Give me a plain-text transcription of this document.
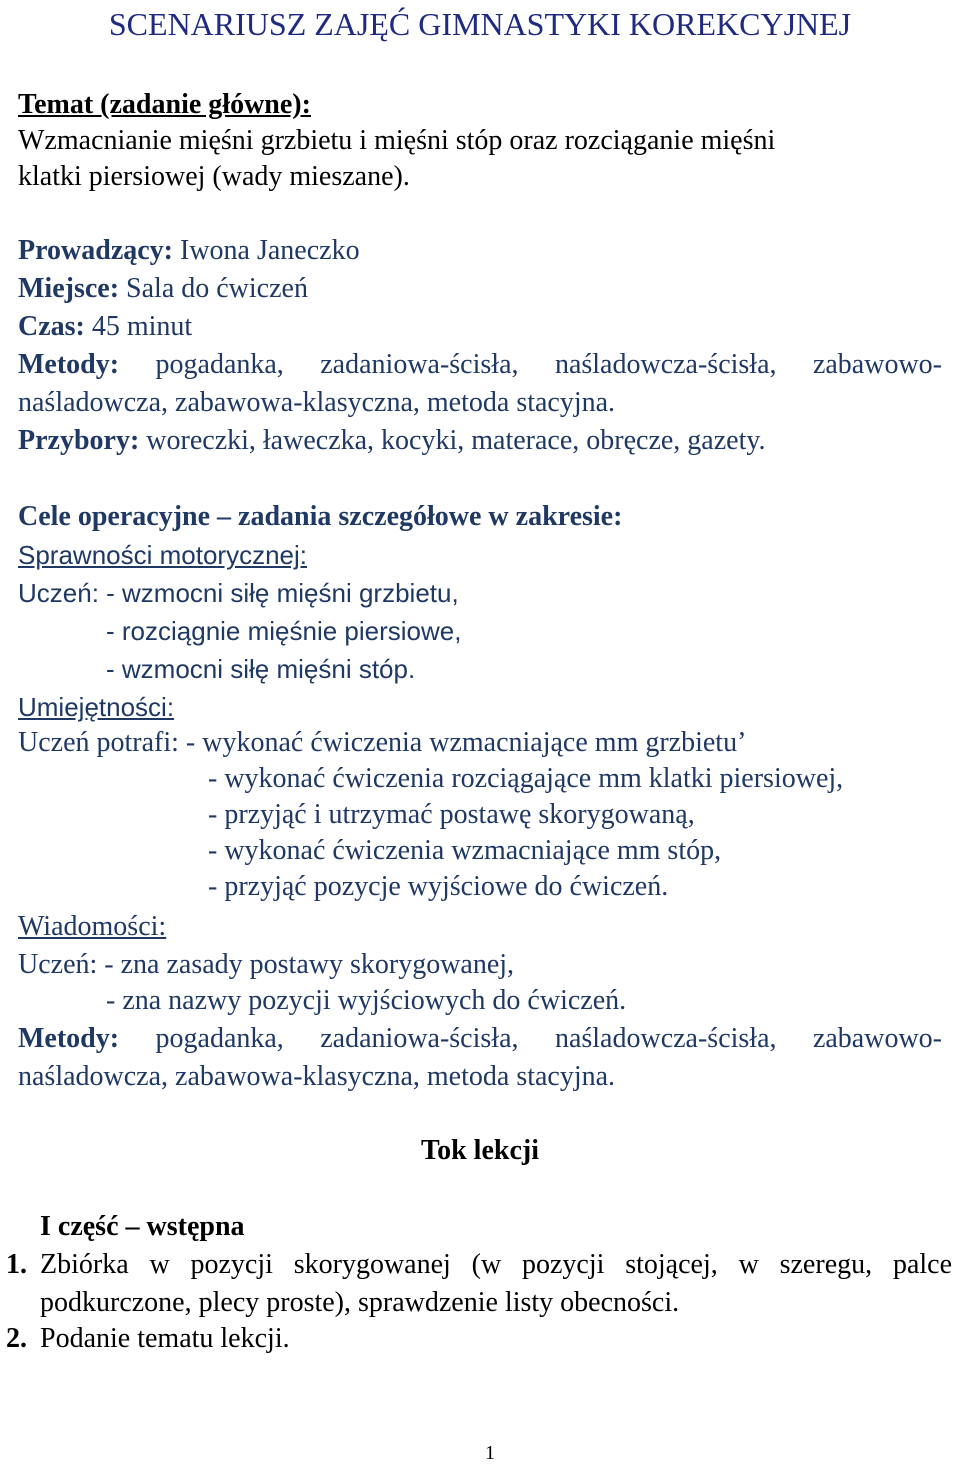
SCENARIUSZ ZAJĘĆ GIMNASTYKI KOREKCYJNEJ
Temat (zadanie główne):
Wzmacnianie mięśni grzbietu i mięśni stóp oraz rozciąganie mięśni
klatki piersiowej (wady mieszane).
Prowadzący: Iwona Janeczko
Miejsce: Sala do ćwiczeń
Czas: 45 minut
Metody: pogadanka, zadaniowa-ścisła, naśladowcza-ścisła, zabawowo-
naśladowcza, zabawowa-klasyczna, metoda stacyjna.
Przybory: woreczki, ławeczka, kocyki, materace, obręcze, gazety.
Cele operacyjne – zadania szczegółowe w zakresie:
Sprawności motorycznej:
Uczeń: - wzmocni siłę mięśni grzbietu,
- rozciągnie mięśnie piersiowe,
- wzmocni siłę mięśni stóp.
Umiejętności:
Uczeń potrafi: - wykonać ćwiczenia wzmacniające mm grzbietu’
- wykonać ćwiczenia rozciągające mm klatki piersiowej,
- przyjąć i utrzymać postawę skorygowaną,
- wykonać ćwiczenia wzmacniające mm stóp,
- przyjąć pozycje wyjściowe do ćwiczeń.
Wiadomości:
Uczeń: - zna zasady postawy skorygowanej,
- zna nazwy pozycji wyjściowych do ćwiczeń.
Metody: pogadanka, zadaniowa-ścisła, naśladowcza-ścisła, zabawowo-
naśladowcza, zabawowa-klasyczna, metoda stacyjna.
Tok lekcji
I część – wstępna
1. Zbiórka w pozycji skorygowanej (w pozycji stojącej, w szeregu, palce
podkurczone, plecy proste), sprawdzenie listy obecności.
2. Podanie tematu lekcji.
1
